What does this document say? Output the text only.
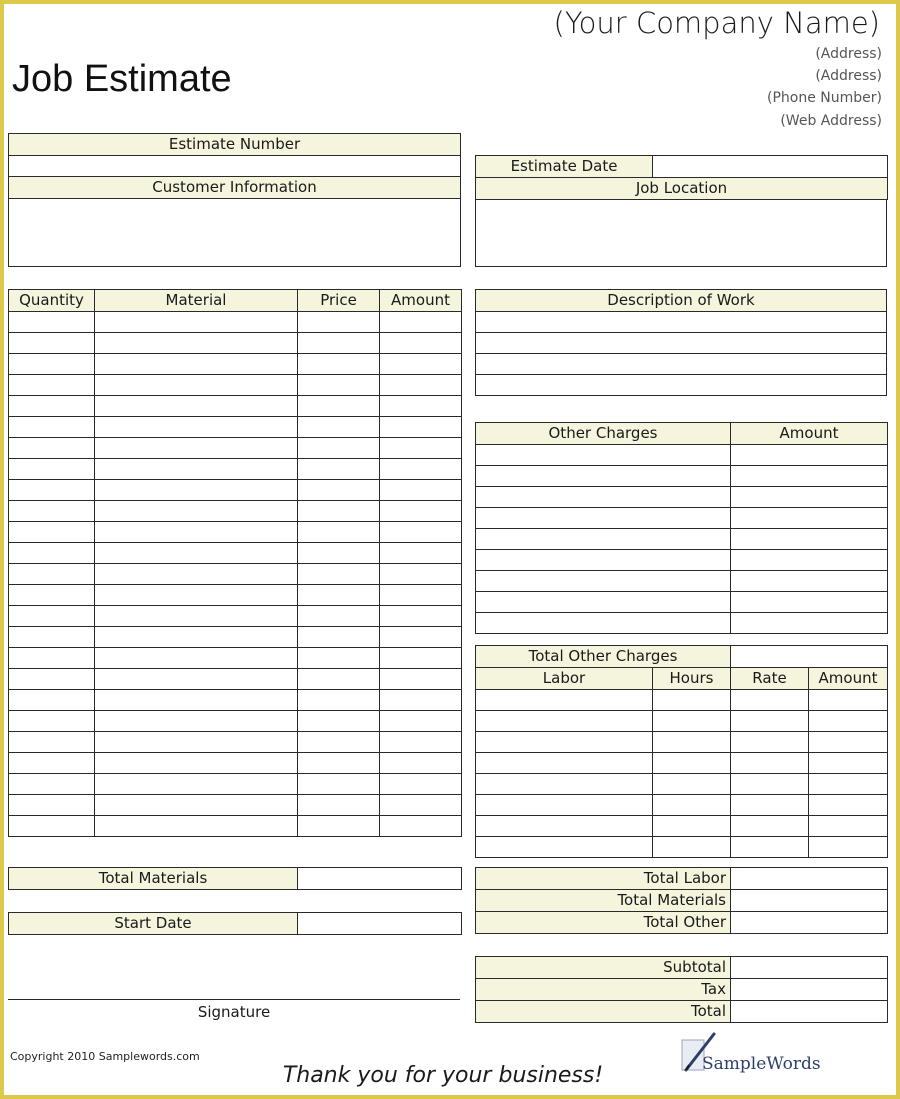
(Your Company Name)
(Address)
(Address)
(Phone Number)
(Web Address)
Job Estimate
Estimate Number

Customer Information
Estimate Date	
Job Location
Quantity	Material	Price	Amount

Total Materials	
Start Date	
Description of Work

Other Charges	Amount

Total Other Charges	
Labor	Hours	Rate	Amount

Total Labor	
Total Materials	
Total Other	
Subtotal	
Tax	
Total	
Signature
Copyright 2010 Samplewords.com	SampleWords
Thank you for your business!
